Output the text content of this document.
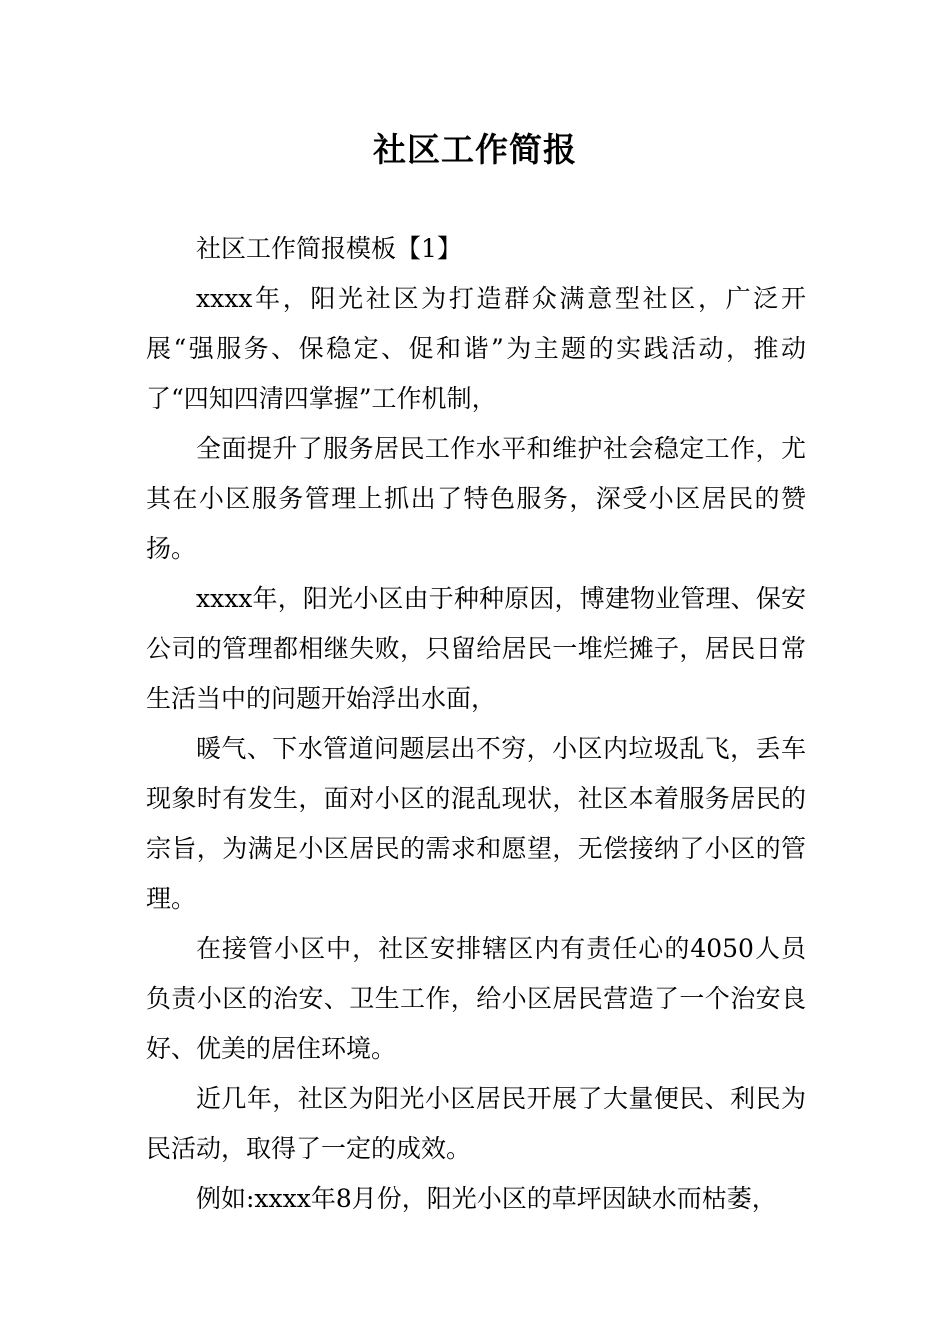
社区工作简报

社区工作简报模板【1】

xxxx年，阳光社区为打造群众满意型社区，广泛开展“强服务、保稳定、促和谐”为主题的实践活动，推动了“四知四清四掌握”工作机制，

全面提升了服务居民工作水平和维护社会稳定工作，尤其在小区服务管理上抓出了特色服务，深受小区居民的赞扬。

xxxx年，阳光小区由于种种原因，博建物业管理、保安公司的管理都相继失败，只留给居民一堆烂摊子，居民日常生活当中的问题开始浮出水面，

暖气、下水管道问题层出不穷，小区内垃圾乱飞，丢车现象时有发生，面对小区的混乱现状，社区本着服务居民的宗旨，为满足小区居民的需求和愿望，无偿接纳了小区的管理。

在接管小区中，社区安排辖区内有责任心的4050人员负责小区的治安、卫生工作，给小区居民营造了一个治安良好、优美的居住环境。

近几年，社区为阳光小区居民开展了大量便民、利民为民活动，取得了一定的成效。

例如:xxxx年8月份，阳光小区的草坪因缺水而枯萎，
